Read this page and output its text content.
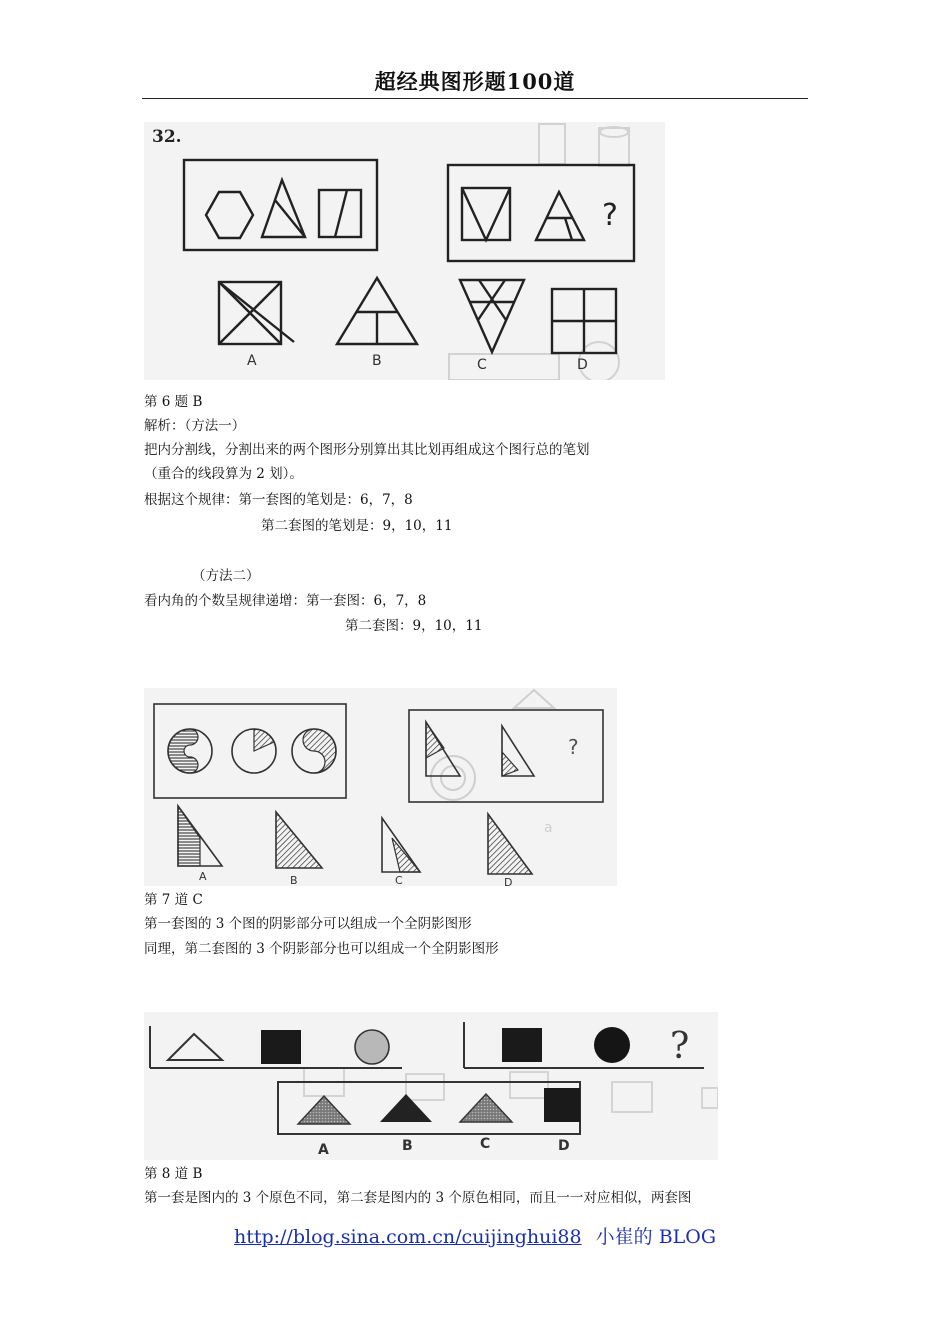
超经典图形题100道
32.
?
A	B	C	D
第 6 题 B
解析：（方法一）
把内分割线，分割出来的两个图形分别算出其比划再组成这个图行总的笔划
（重合的线段算为 2 划）。
根据这个规律：第一套图的笔划是：6，7，8
第二套图的笔划是：9，10，11
（方法二）
看内角的个数呈规律递增：第一套图：6，7，8
第二套图：9，10，11
a
?
A	B	C	D
第 7 道 C
第一套图的 3 个图的阴影部分可以组成一个全阴影图形
同理，第二套图的 3 个阴影部分也可以组成一个全阴影图形
?
A	B	C	D
第 8 道 B
第一套是图内的 3 个原色不同，第二套是图内的 3 个原色相同，而且一一对应相似，两套图
http://blog.sina.com.cn/cuijinghui88 小崔的 BLOG
